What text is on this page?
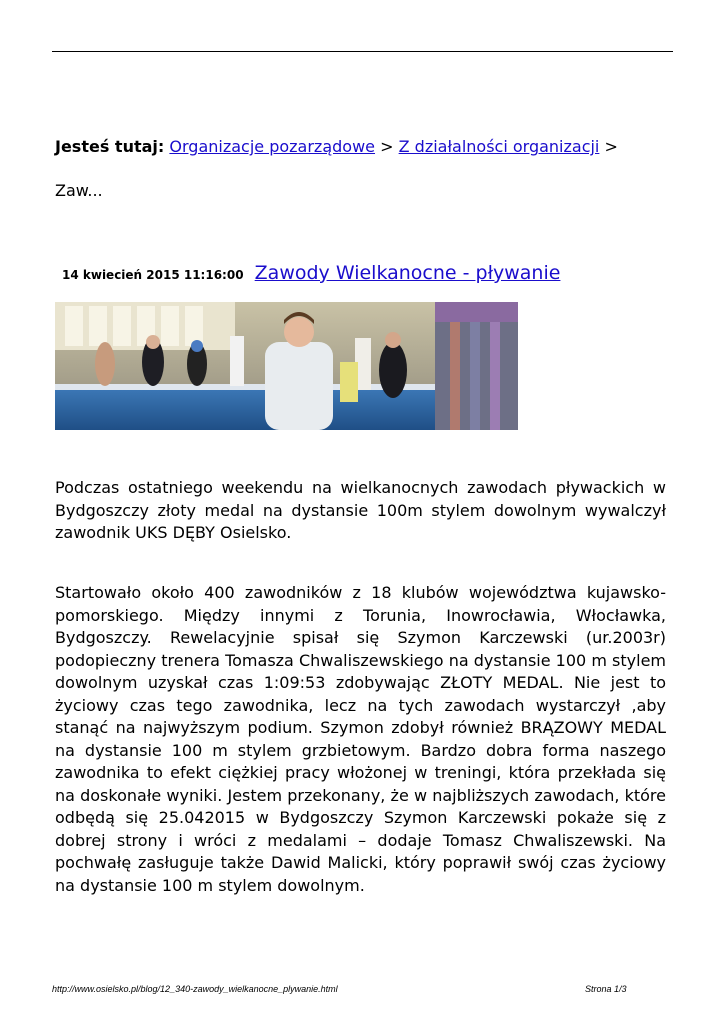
Jesteś tutaj: Organizacje pozarządowe > Z działalności organizacji >
Zaw...
14 kwiecień 2015 11:16:00 Zawody Wielkanocne - pływanie

Podczas ostatniego weekendu na wielkanocnych zawodach pływackich w Bydgoszczy złoty medal na dystansie 100m stylem dowolnym wywalczył zawodnik UKS DĘBY Osielsko.

Startowało około 400 zawodników z 18 klubów województwa kujawsko-pomorskiego. Między innymi z Torunia, Inowrocławia, Włocławka, Bydgoszczy. Rewelacyjnie spisał się Szymon Karczewski (ur.2003r) podopieczny trenera Tomasza Chwaliszewskiego na dystansie 100 m stylem dowolnym uzyskał czas 1:09:53 zdobywając ZŁOTY MEDAL. Nie jest to życiowy czas tego zawodnika, lecz na tych zawodach wystarczył ,aby stanąć na najwyższym podium. Szymon zdobył również BRĄZOWY MEDAL na dystansie 100 m stylem grzbietowym. Bardzo dobra forma naszego zawodnika to efekt ciężkiej pracy włożonej w treningi, która przekłada się na doskonałe wyniki. Jestem przekonany, że w najbliższych zawodach, które odbędą się 25.042015 w Bydgoszczy Szymon Karczewski pokaże się z dobrej strony i wróci z medalami – dodaje Tomasz Chwaliszewski. Na pochwałę zasługuje także Dawid Malicki, który poprawił swój czas życiowy na dystansie 100 m stylem dowolnym.

http://www.osielsko.pl/blog/12_340-zawody_wielkanocne_plywanie.html	Strona 1/3
